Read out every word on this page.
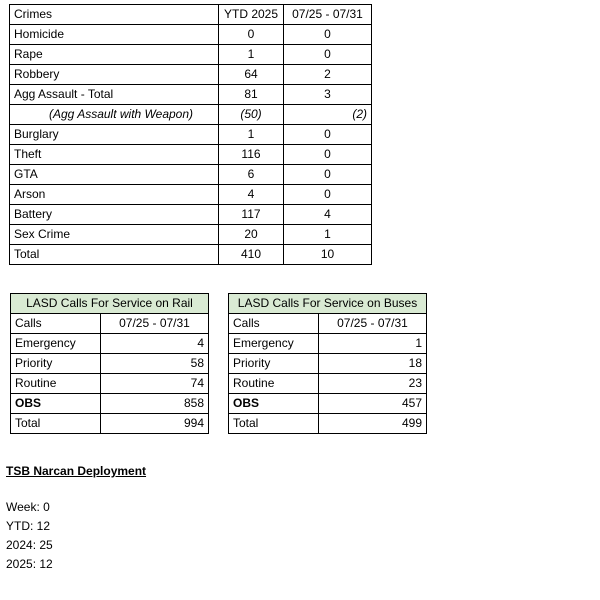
Crimes	YTD 2025	07/25 - 07/31
Homicide	0	0
Rape	1	0
Robbery	64	2
Agg Assault - Total	81	3
(Agg Assault with Weapon)	(50)	(2)
Burglary	1	0
Theft	116	0
GTA	6	0
Arson	4	0
Battery	117	4
Sex Crime	20	1
Total	410	10
LASD Calls For Service on Rail	
Calls	07/25 - 07/31
Emergency	4
Priority	58
Routine	74
OBS	858
Total	994
LASD Calls For Service on Buses	
Calls	07/25 - 07/31
Emergency	1
Priority	18
Routine	23
OBS	457
Total	499
TSB Narcan Deployment
Week: 0
YTD: 12
2024: 25
2025: 12
